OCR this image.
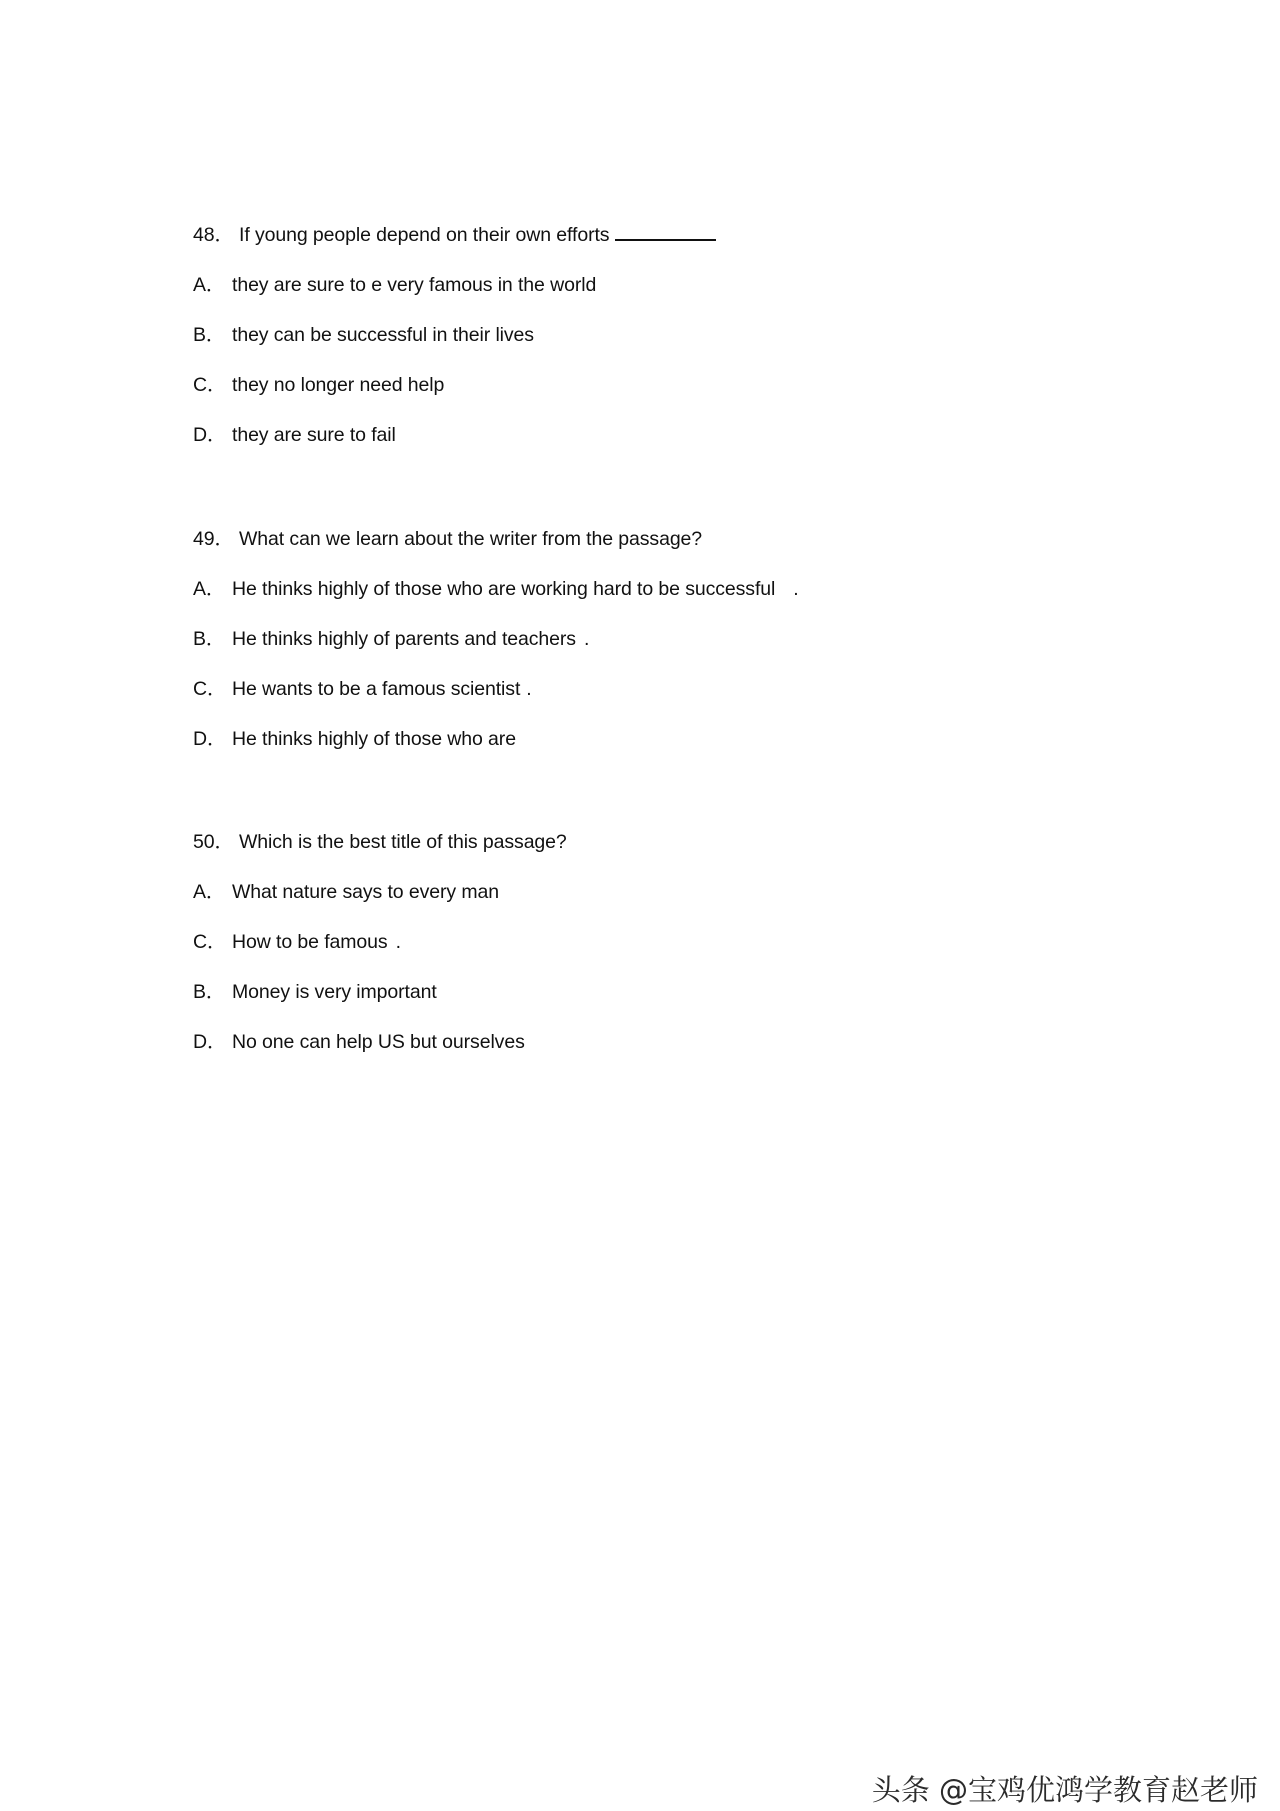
48． If young people depend on their own efforts
A． they are sure to e very famous in the world
B． they can be successful in their lives
C． they no longer need help
D． they are sure to fail
49． What can we learn about the writer from the passage?
A． He thinks highly of those who are working hard to be successful .
B． He thinks highly of parents and teachers .
C． He wants to be a famous scientist .
D． He thinks highly of those who are
50． Which is the best title of this passage?
A． What nature says to every man
C． How to be famous .
B． Money is very important
D． No one can help US but ourselves
头条 @宝鸡优鸿学教育赵老师
